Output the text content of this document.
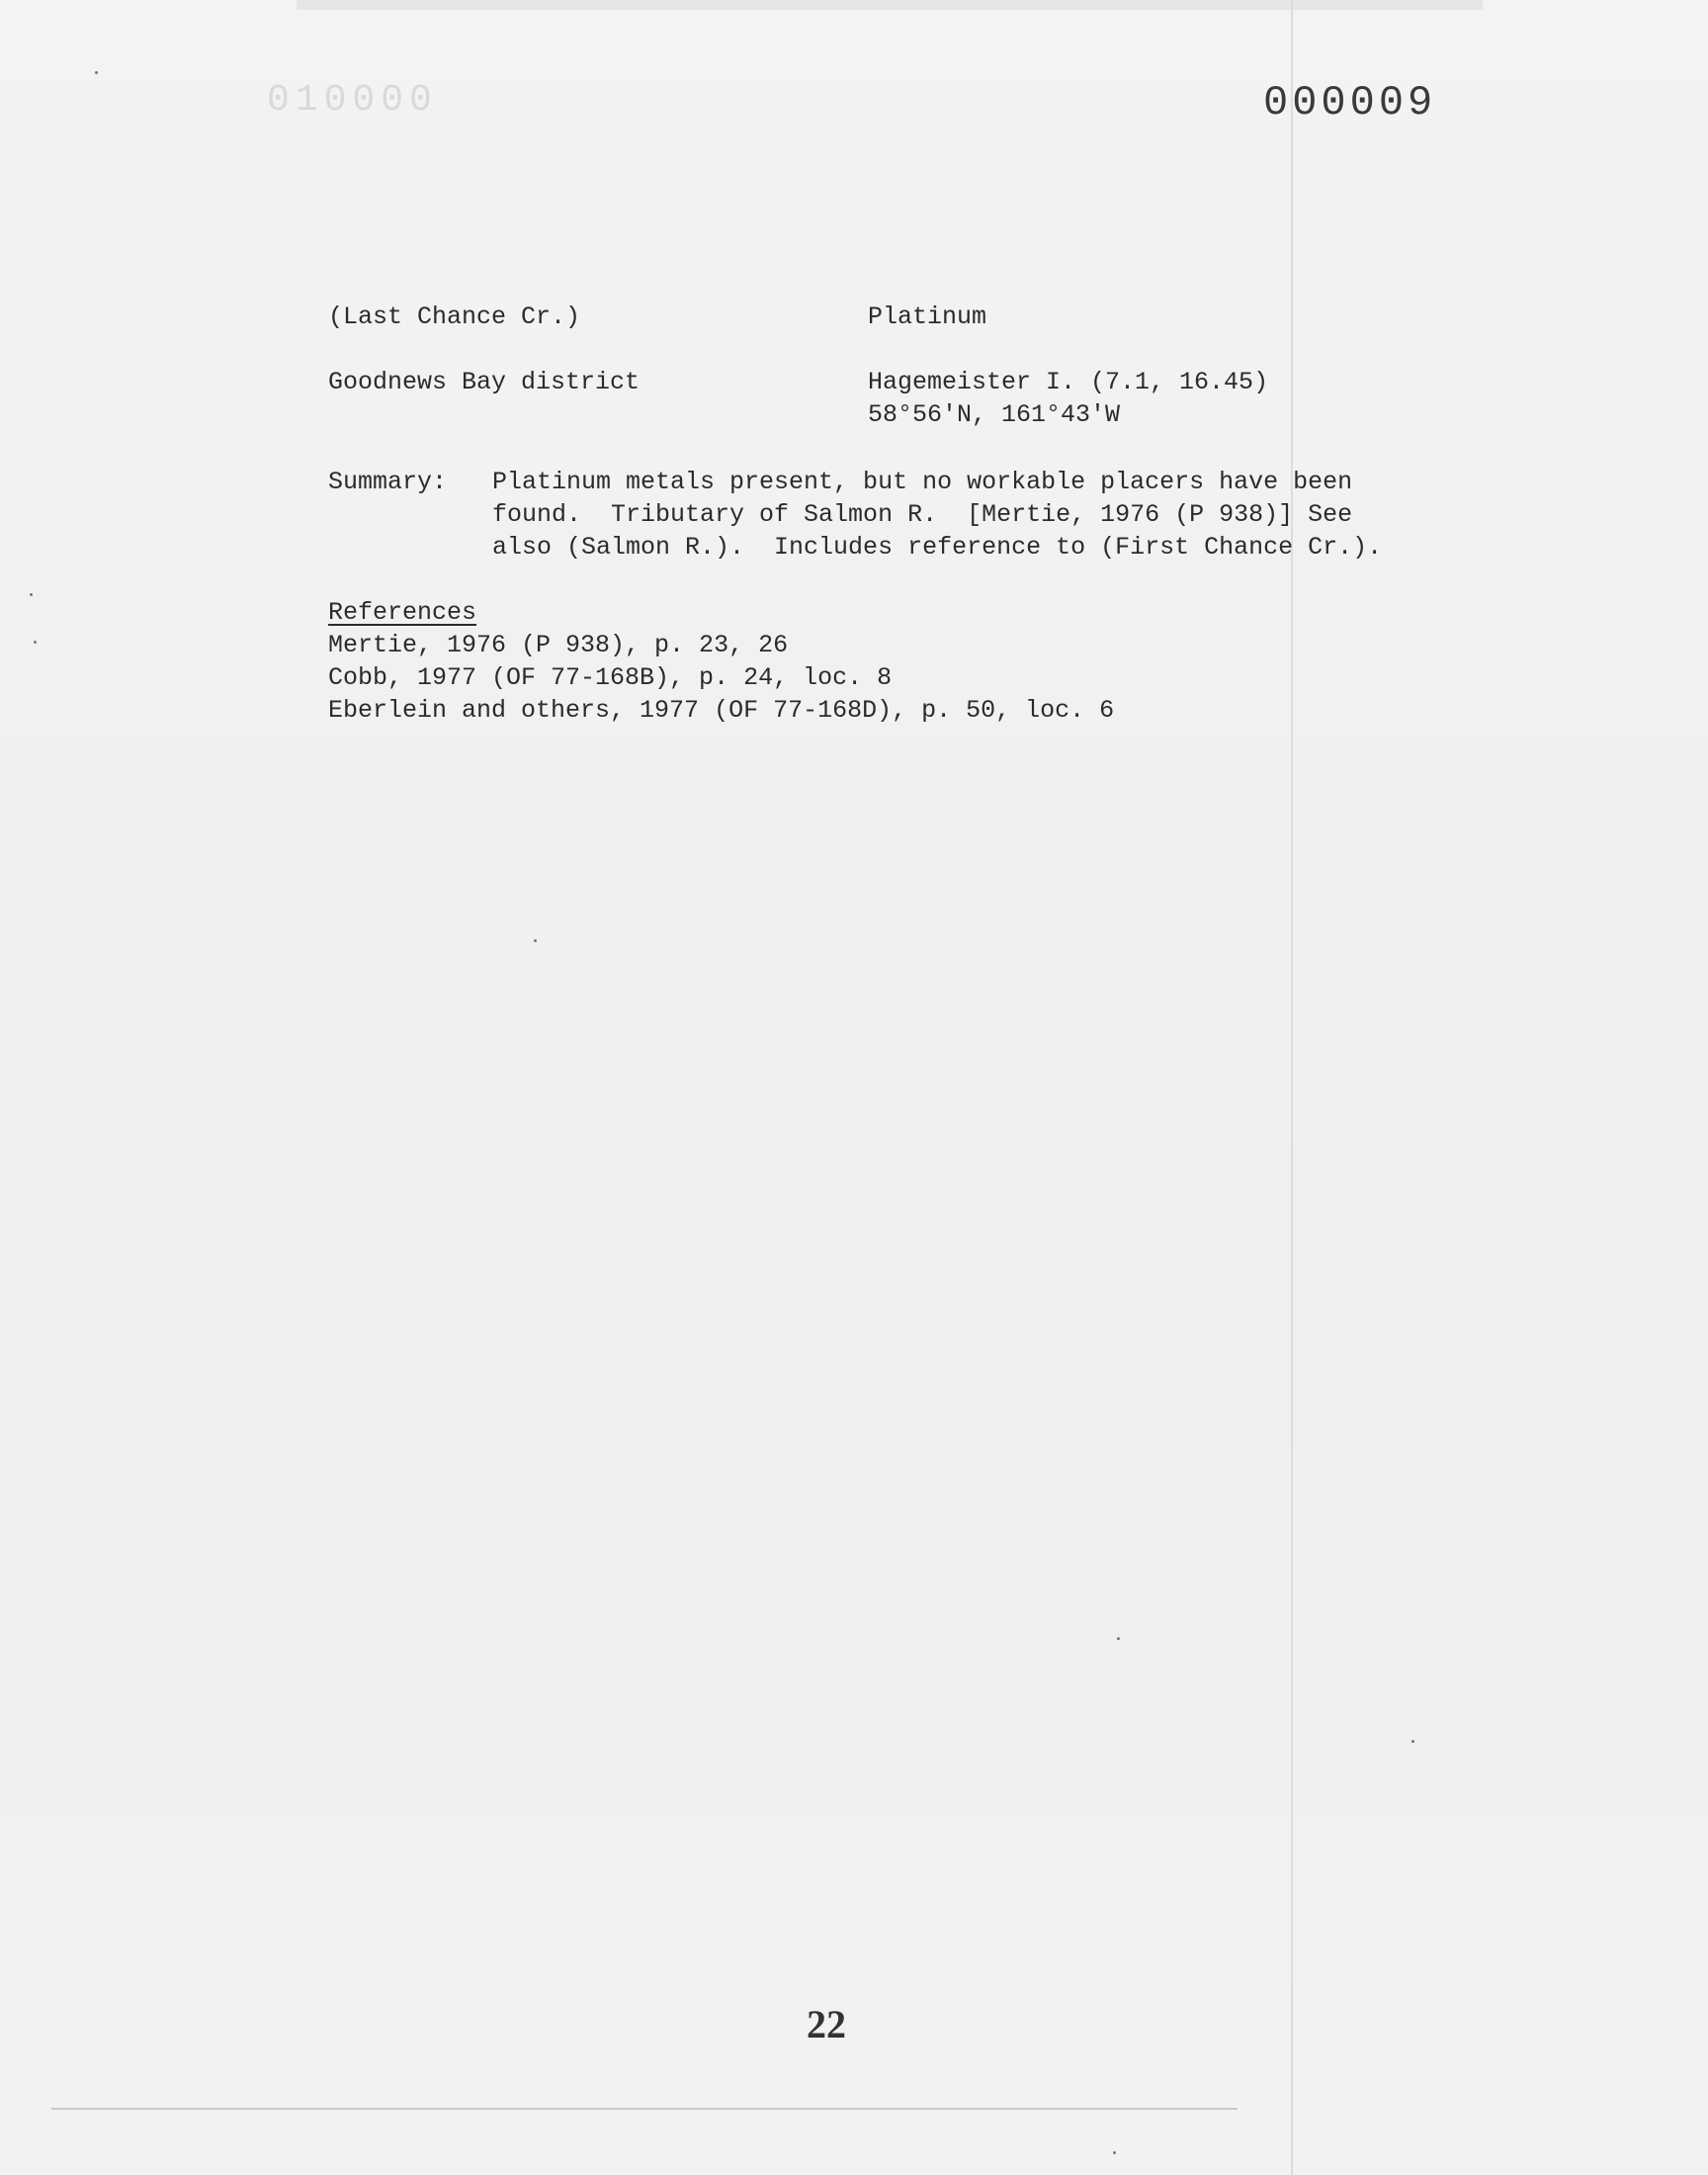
010000	000009
(Last Chance Cr.)	Platinum
Goodnews Bay district	Hagemeister I. (7.1, 16.45)
58°56'N, 161°43'W
Summary: Platinum metals present, but no workable placers have been
found.  Tributary of Salmon R.  [Mertie, 1976 (P 938)] See
also (Salmon R.).  Includes reference to (First Chance Cr.).
References
Mertie, 1976 (P 938), p. 23, 26
Cobb, 1977 (OF 77-168B), p. 24, loc. 8
Eberlein and others, 1977 (OF 77-168D), p. 50, loc. 6
22
